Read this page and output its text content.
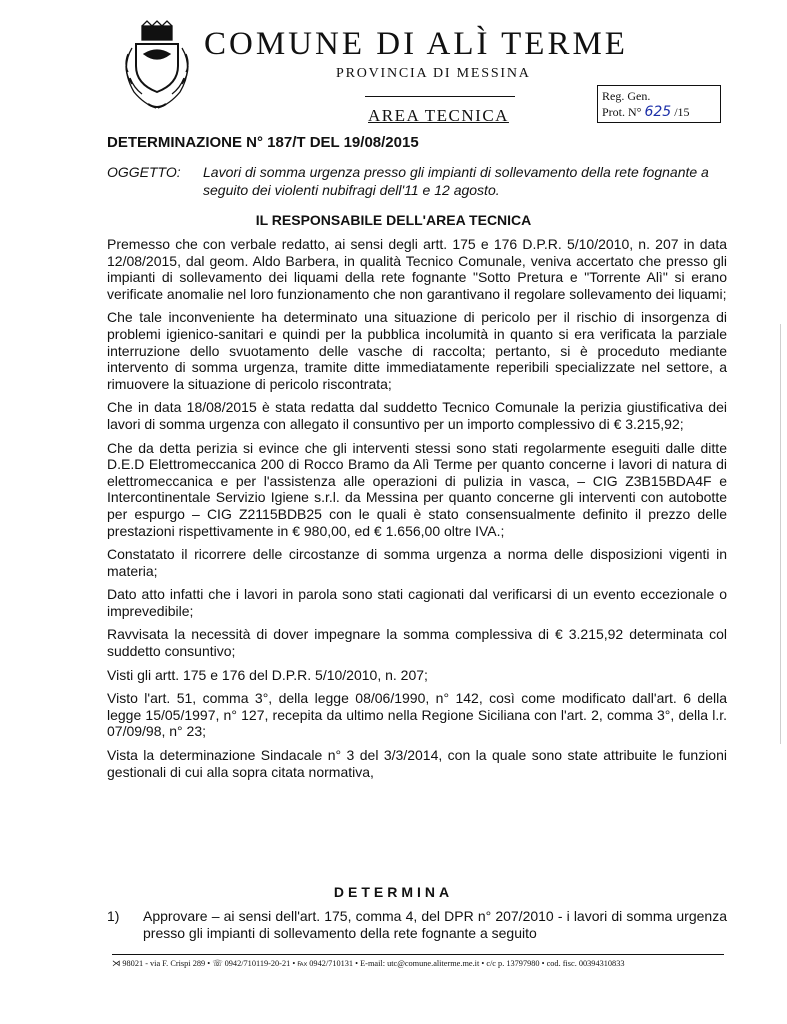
COMUNE DI ALÌ TERME
PROVINCIA DI MESSINA
AREA TECNICA
Reg. Gen.
Prot. N° 625 /15
DETERMINAZIONE N° 187/T DEL 19/08/2015
OGGETTO: Lavori di somma urgenza presso gli impianti di sollevamento della rete fognante a seguito dei violenti nubifragi dell'11 e 12 agosto.
IL RESPONSABILE DELL'AREA TECNICA

Premesso che con verbale redatto, ai sensi degli artt. 175 e 176 D.P.R. 5/10/2010, n. 207 in data 12/08/2015, dal geom. Aldo Barbera, in qualità Tecnico Comunale, veniva accertato che presso gli impianti di sollevamento dei liquami della rete fognante "Sotto Pretura e "Torrente Alì" si erano verificate anomalie nel loro funzionamento che non garantivano il regolare sollevamento dei liquami;

Che tale inconveniente ha determinato una situazione di pericolo per il rischio di insorgenza di problemi igienico-sanitari e quindi per la pubblica incolumità in quanto si era verificata la parziale interruzione dello svuotamento delle vasche di raccolta; pertanto, si è proceduto mediante intervento di somma urgenza, tramite ditte immediatamente reperibili specializzate nel settore, a rimuovere la situazione di pericolo riscontrata;

Che in data 18/08/2015 è stata redatta dal suddetto Tecnico Comunale la perizia giustificativa dei lavori di somma urgenza con allegato il consuntivo per un importo complessivo di € 3.215,92;

Che da detta perizia si evince che gli interventi stessi sono stati regolarmente eseguiti dalle ditte D.E.D Elettromeccanica 200 di Rocco Bramo da Alì Terme per quanto concerne i lavori di natura di elettromeccanica e per l'assistenza alle operazioni di pulizia in vasca, – CIG Z3B15BDA4F e Intercontinentale Servizio Igiene s.r.l. da Messina per quanto concerne gli interventi con autobotte per espurgo – CIG Z2115BDB25 con le quali è stato consensualmente definito il prezzo delle prestazioni rispettivamente in € 980,00, ed € 1.656,00 oltre IVA.;

Constatato il ricorrere delle circostanze di somma urgenza a norma delle disposizioni vigenti in materia;

Dato atto infatti che i lavori in parola sono stati cagionati dal verificarsi di un evento eccezionale o imprevedibile;

Ravvisata la necessità di dover impegnare la somma complessiva di € 3.215,92 determinata col suddetto consuntivo;

Visti gli artt. 175 e 176 del D.P.R. 5/10/2010, n. 207;

Visto l'art. 51, comma 3°, della legge 08/06/1990, n° 142, così come modificato dall'art. 6 della legge 15/05/1997, n° 127, recepita da ultimo nella Regione Siciliana con l'art. 2, comma 3°, della l.r. 07/09/98, n° 23;

Vista la determinazione Sindacale n° 3 del 3/3/2014, con la quale sono state attribuite le funzioni gestionali di cui alla sopra citata normativa,

DETERMINA
1) Approvare – ai sensi dell'art. 175, comma 4, del DPR n° 207/2010 - i lavori di somma urgenza presso gli impianti di sollevamento della rete fognante a seguito
⋊ 98021 - via F. Crispi 289 • ☏ 0942/710119-20-21 • ℻ 0942/710131 • E-mail: utc@comune.aliterme.me.it • c/c p. 13797980 • cod. fisc. 00394310833
